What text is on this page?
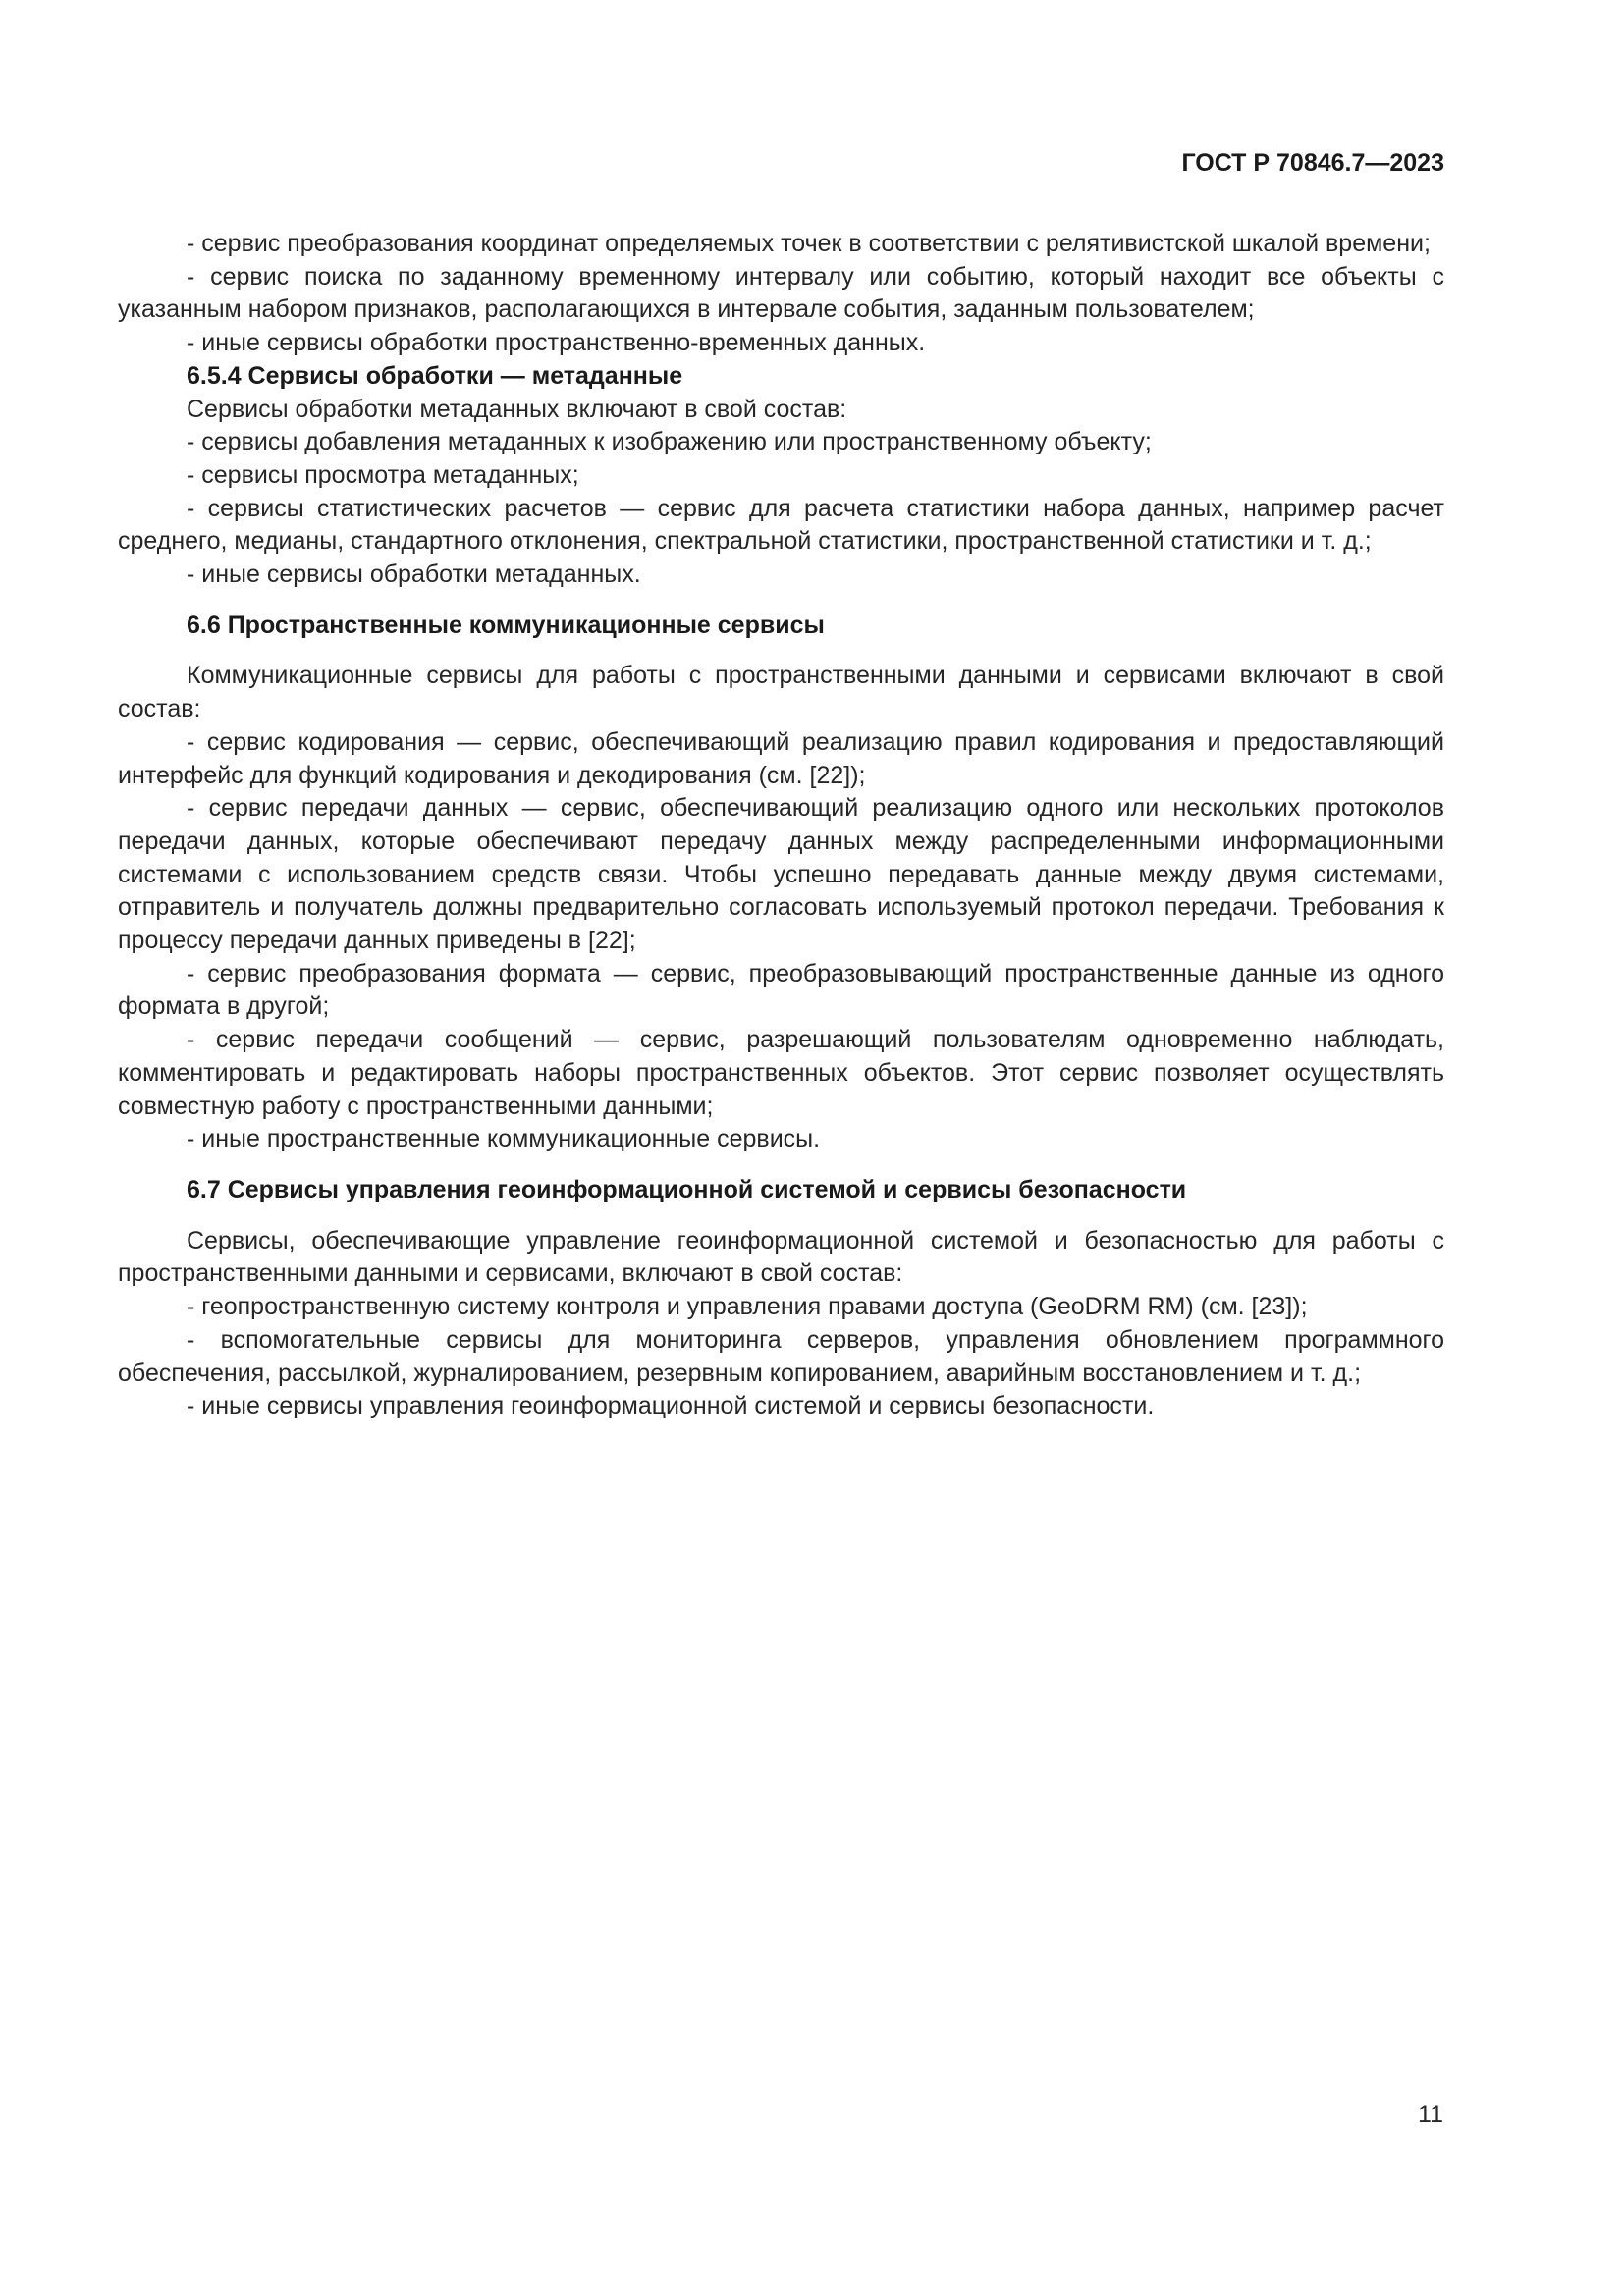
ГОСТ Р 70846.7—2023

- сервис преобразования координат определяемых точек в соответствии с релятивистской шкалой времени;

- сервис поиска по заданному временному интервалу или событию, который находит все объекты с указанным набором признаков, располагающихся в интервале события, заданным пользователем;

- иные сервисы обработки пространственно-временных данных.

6.5.4 Сервисы обработки — метаданные

Сервисы обработки метаданных включают в свой состав:

- сервисы добавления метаданных к изображению или пространственному объекту;

- сервисы просмотра метаданных;

- сервисы статистических расчетов — сервис для расчета статистики набора данных, например расчет среднего, медианы, стандартного отклонения, спектральной статистики, пространственной статистики и т. д.;

- иные сервисы обработки метаданных.

6.6 Пространственные коммуникационные сервисы

Коммуникационные сервисы для работы с пространственными данными и сервисами включают в свой состав:

- сервис кодирования — сервис, обеспечивающий реализацию правил кодирования и предоставляющий интерфейс для функций кодирования и декодирования (см. [22]);

- сервис передачи данных — сервис, обеспечивающий реализацию одного или нескольких протоколов передачи данных, которые обеспечивают передачу данных между распределенными информационными системами с использованием средств связи. Чтобы успешно передавать данные между двумя системами, отправитель и получатель должны предварительно согласовать используемый протокол передачи. Требования к процессу передачи данных приведены в [22];

- сервис преобразования формата — сервис, преобразовывающий пространственные данные из одного формата в другой;

- сервис передачи сообщений — сервис, разрешающий пользователям одновременно наблюдать, комментировать и редактировать наборы пространственных объектов. Этот сервис позволяет осуществлять совместную работу с пространственными данными;

- иные пространственные коммуникационные сервисы.

6.7 Сервисы управления геоинформационной системой и сервисы безопасности

Сервисы, обеспечивающие управление геоинформационной системой и безопасностью для работы с пространственными данными и сервисами, включают в свой состав:

- геопространственную систему контроля и управления правами доступа (GeoDRM RM) (см. [23]);

- вспомогательные сервисы для мониторинга серверов, управления обновлением программного обеспечения, рассылкой, журналированием, резервным копированием, аварийным восстановлением и т. д.;

- иные сервисы управления геоинформационной системой и сервисы безопасности.

11
